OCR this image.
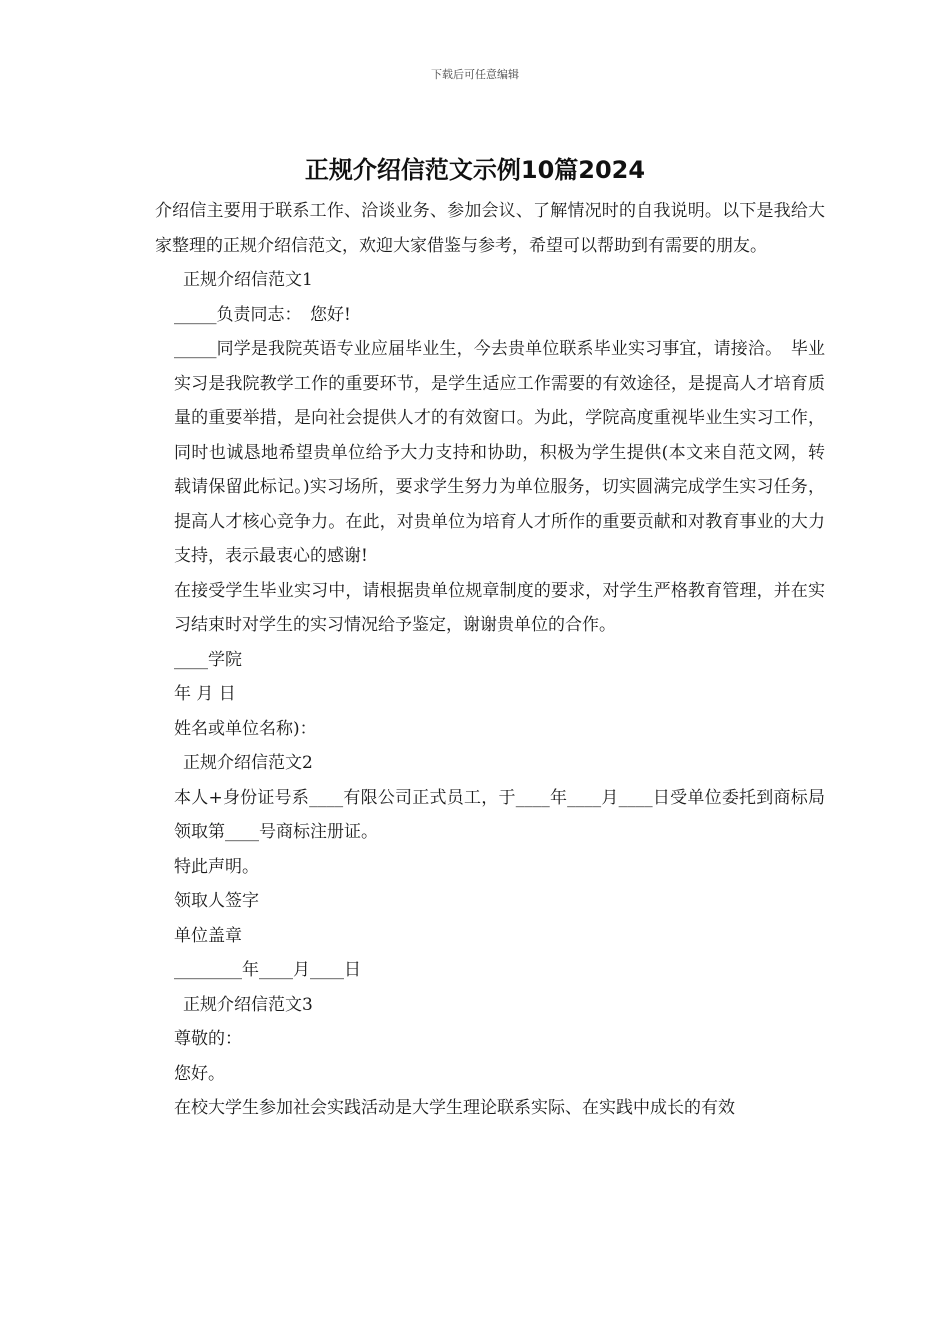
下载后可任意编辑
正规介绍信范文示例10篇2024

介绍信主要用于联系工作、洽谈业务、参加会议、了解情况时的自我说明。以下是我给大家整理的正规介绍信范文，欢迎大家借鉴与参考，希望可以帮助到有需要的朋友。

正规介绍信范文1

_____负责同志：　您好!

_____同学是我院英语专业应届毕业生，今去贵单位联系毕业实习事宜，请接洽。　毕业实习是我院教学工作的重要环节，是学生适应工作需要的有效途径，是提高人才培育质量的重要举措，是向社会提供人才的有效窗口。为此，学院高度重视毕业生实习工作，同时也诚恳地希望贵单位给予大力支持和协助，积极为学生提供(本文来自范文网，转载请保留此标记。)实习场所，要求学生努力为单位服务，切实圆满完成学生实习任务，提高人才核心竞争力。在此，对贵单位为培育人才所作的重要贡献和对教育事业的大力支持，表示最衷心的感谢!

在接受学生毕业实习中，请根据贵单位规章制度的要求，对学生严格教育管理，并在实习结束时对学生的实习情况给予鉴定，谢谢贵单位的合作。

____学院

年 月 日

姓名或单位名称)：

正规介绍信范文2

本人+身份证号系____有限公司正式员工，于____年____月____日受单位委托到商标局领取第____号商标注册证。

特此声明。

领取人签字

单位盖章

________年____月____日

正规介绍信范文3

尊敬的：

您好。

在校大学生参加社会实践活动是大学生理论联系实际、在实践中成长的有效
